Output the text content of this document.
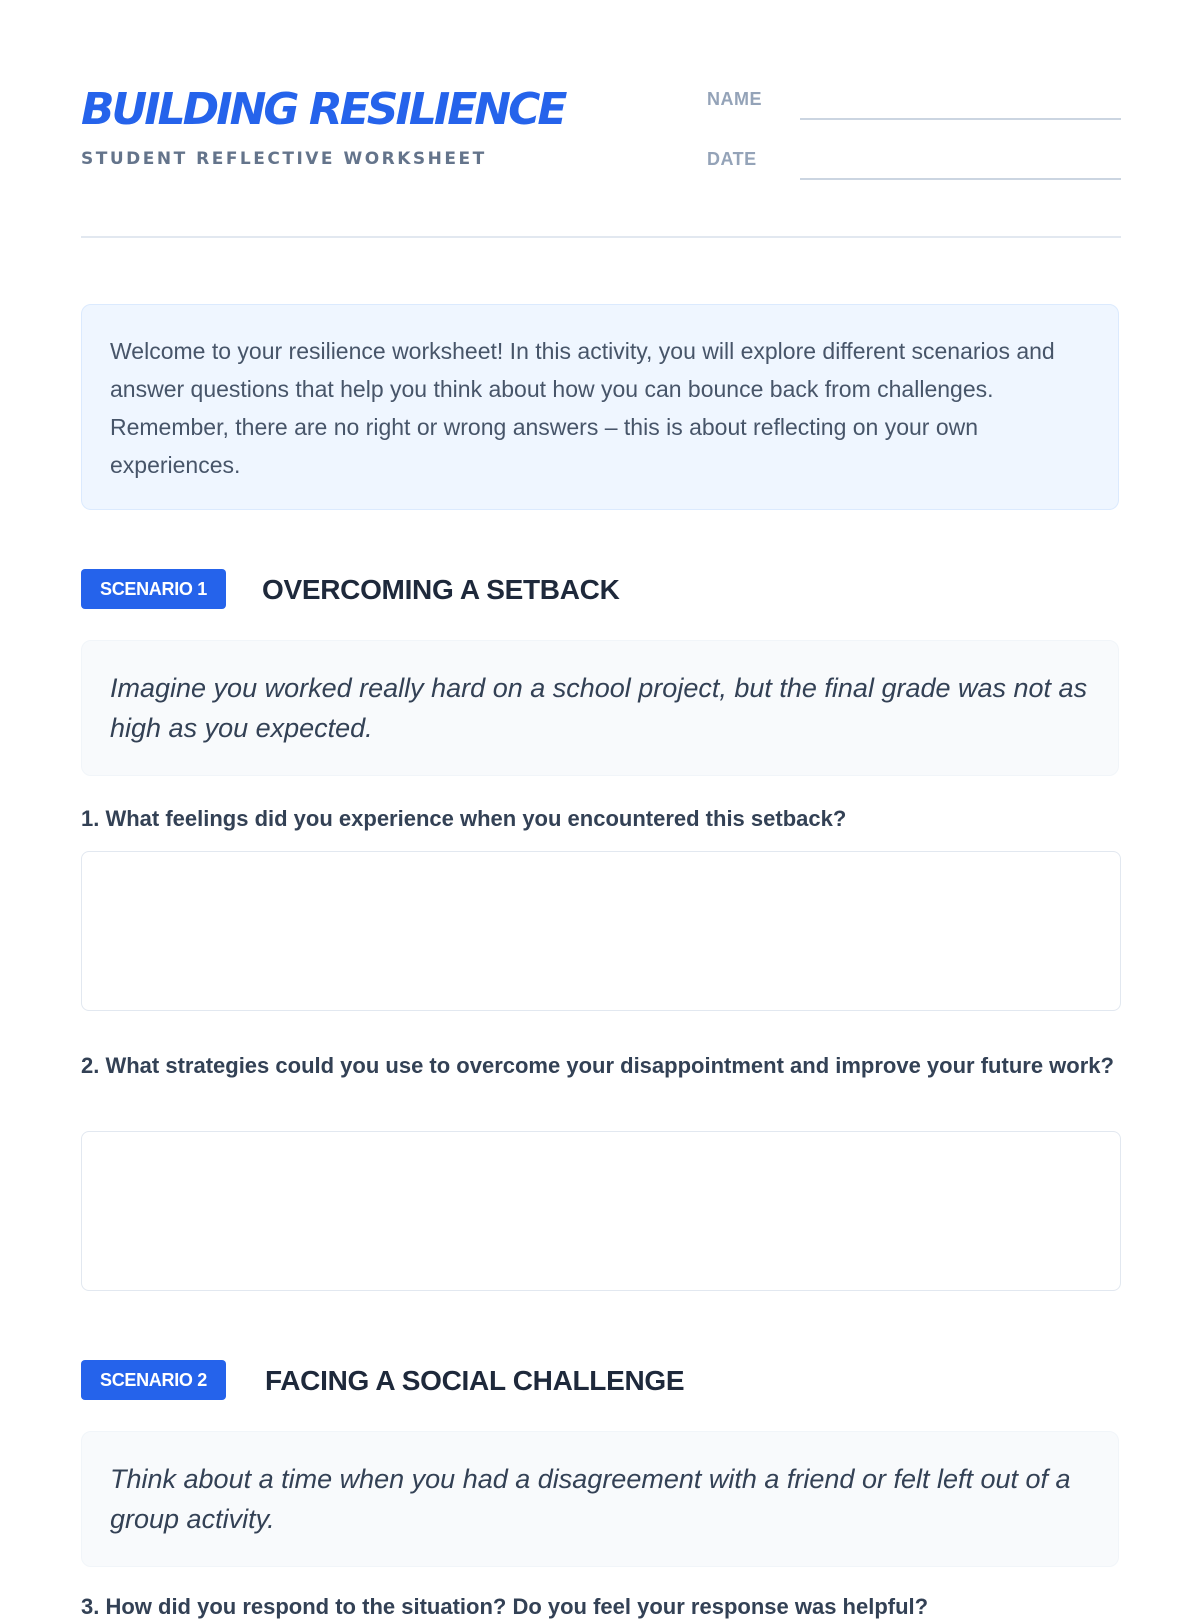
BUILDING RESILIENCE
STUDENT REFLECTIVE WORKSHEET
NAME
DATE
Welcome to your resilience worksheet! In this activity, you will explore different scenarios and answer questions that help you think about how you can bounce back from challenges. Remember, there are no right or wrong answers – this is about reflecting on your own experiences.
SCENARIO 1	OVERCOMING A SETBACK
Imagine you worked really hard on a school project, but the final grade was not as high as you expected.
1. What feelings did you experience when you encountered this setback?
2. What strategies could you use to overcome your disappointment and improve your future work?
SCENARIO 2	FACING A SOCIAL CHALLENGE
Think about a time when you had a disagreement with a friend or felt left out of a group activity.
3. How did you respond to the situation? Do you feel your response was helpful?
